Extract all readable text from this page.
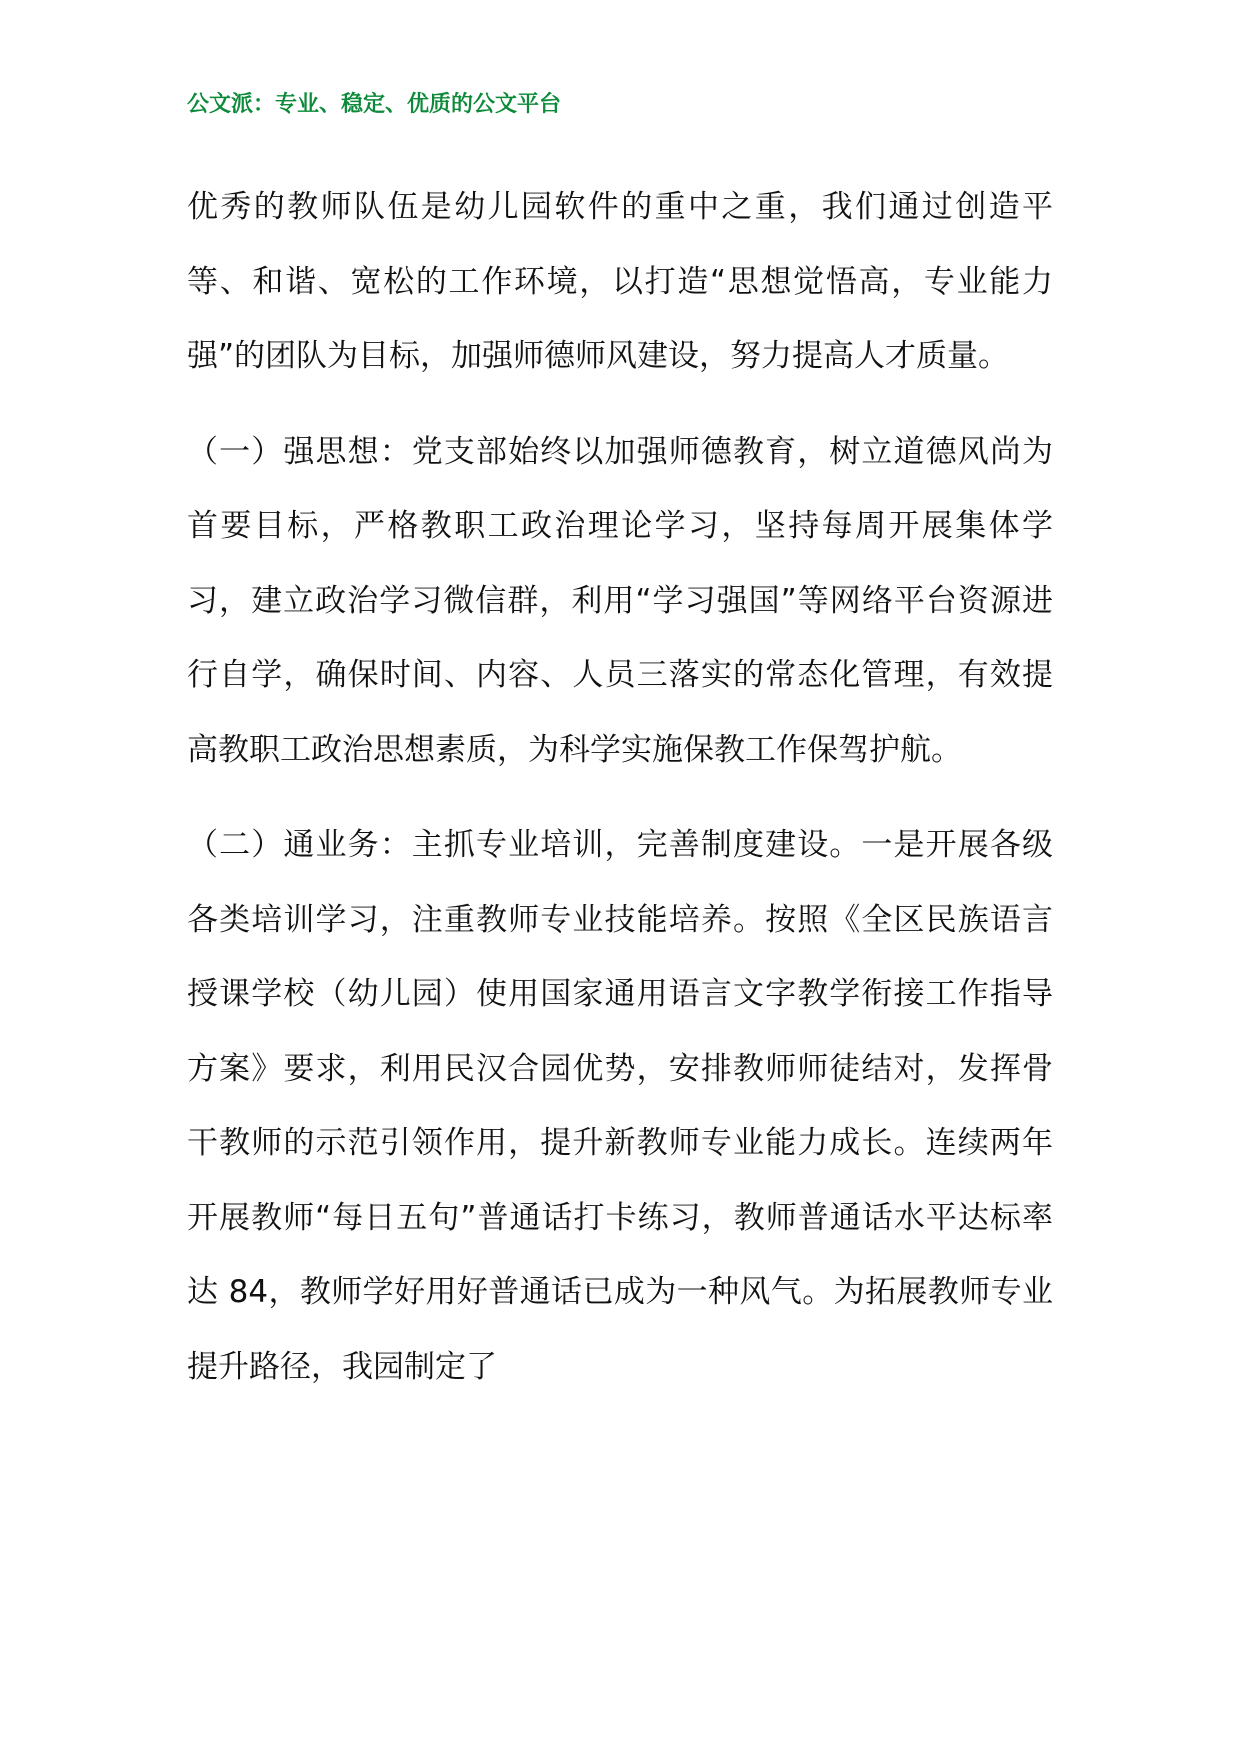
公文派：专业、稳定、优质的公文平台

优秀的教师队伍是幼儿园软件的重中之重，我们通过创造平等、和谐、宽松的工作环境，以打造“思想觉悟高，专业能力强”的团队为目标，加强师德师风建设，努力提高人才质量。

（一）强思想：党支部始终以加强师德教育，树立道德风尚为首要目标，严格教职工政治理论学习，坚持每周开展集体学习，建立政治学习微信群，利用“学习强国”等网络平台资源进行自学，确保时间、内容、人员三落实的常态化管理，有效提高教职工政治思想素质，为科学实施保教工作保驾护航。

（二）通业务：主抓专业培训，完善制度建设。一是开展各级各类培训学习，注重教师专业技能培养。按照《全区民族语言授课学校（幼儿园）使用国家通用语言文字教学衔接工作指导方案》要求，利用民汉合园优势，安排教师师徒结对，发挥骨干教师的示范引领作用，提升新教师专业能力成长。连续两年开展教师“每日五句”普通话打卡练习，教师普通话水平达标率达 84，教师学好用好普通话已成为一种风气。为拓展教师专业提升路径，我园制定了
